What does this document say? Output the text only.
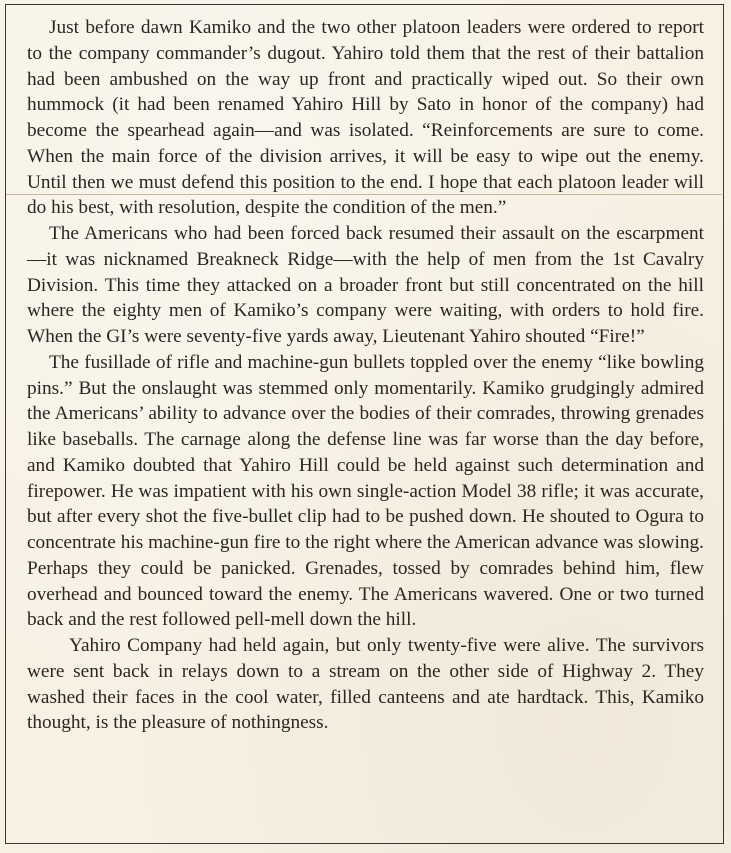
Just before dawn Kamiko and the two other platoon leaders were ordered to report to the company commander’s dugout. Yahiro told them that the rest of their battalion had been ambushed on the way up front and practically wiped out. So their own hummock (it had been renamed Yahiro Hill by Sato in honor of the company) had become the spearhead again—and was isolated. “Reinforcements are sure to come. When the main force of the division arrives, it will be easy to wipe out the enemy. Until then we must defend this position to the end. I hope that each platoon leader will do his best, with resolution, despite the condition of the men.”

The Americans who had been forced back resumed their assault on the escarpment—it was nicknamed Breakneck Ridge—with the help of men from the 1st Cavalry Division. This time they attacked on a broader front but still concentrated on the hill where the eighty men of Kamiko’s company were waiting, with orders to hold fire. When the GI’s were seventy-five yards away, Lieutenant Yahiro shouted “Fire!”

The fusillade of rifle and machine-gun bullets toppled over the enemy “like bowling pins.” But the onslaught was stemmed only momentarily. Kamiko grudgingly admired the Americans’ ability to advance over the bodies of their comrades, throwing grenades like baseballs. The carnage along the defense line was far worse than the day before, and Kamiko doubted that Yahiro Hill could be held against such determination and firepower. He was impatient with his own single-action Model 38 rifle; it was accurate, but after every shot the five-bullet clip had to be pushed down. He shouted to Ogura to concentrate his machine-gun fire to the right where the American advance was slowing. Perhaps they could be panicked. Grenades, tossed by comrades behind him, flew overhead and bounced toward the enemy. The Americans wavered. One or two turned back and the rest followed pell-mell down the hill.

Yahiro Company had held again, but only twenty-five were alive. The survivors were sent back in relays down to a stream on the other side of Highway 2. They washed their faces in the cool water, filled canteens and ate hardtack. This, Kamiko thought, is the pleasure of nothingness.
